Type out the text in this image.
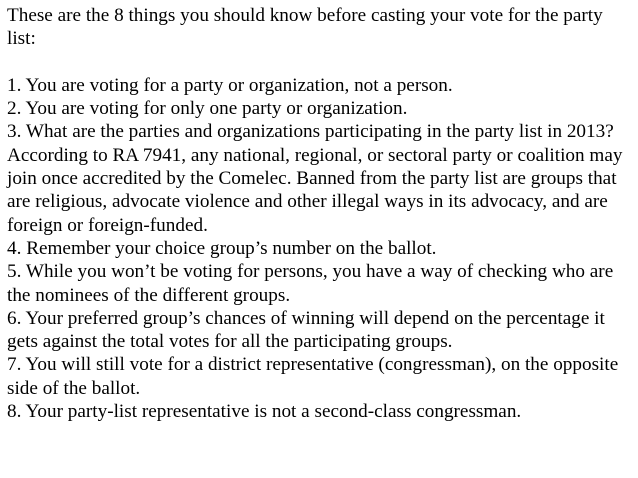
These are the 8 things you should know before casting your vote for the party list:

1. You are voting for a party or organization, not a person.
2. You are voting for only one party or organization.
3. What are the parties and organizations participating in the party list in 2013? According to RA 7941, any national, regional, or sectoral party or coalition may join once accredited by the Comelec. Banned from the party list are groups that are religious, advocate violence and other illegal ways in its advocacy, and are foreign or foreign-funded.
4. Remember your choice group’s number on the ballot.
5. While you won’t be voting for persons, you have a way of checking who are the nominees of the different groups.
6. Your preferred group’s chances of winning will depend on the percentage it gets against the total votes for all the participating groups.
7. You will still vote for a district representative (congressman), on the opposite side of the ballot.
8. Your party-list representative is not a second-class congressman.
